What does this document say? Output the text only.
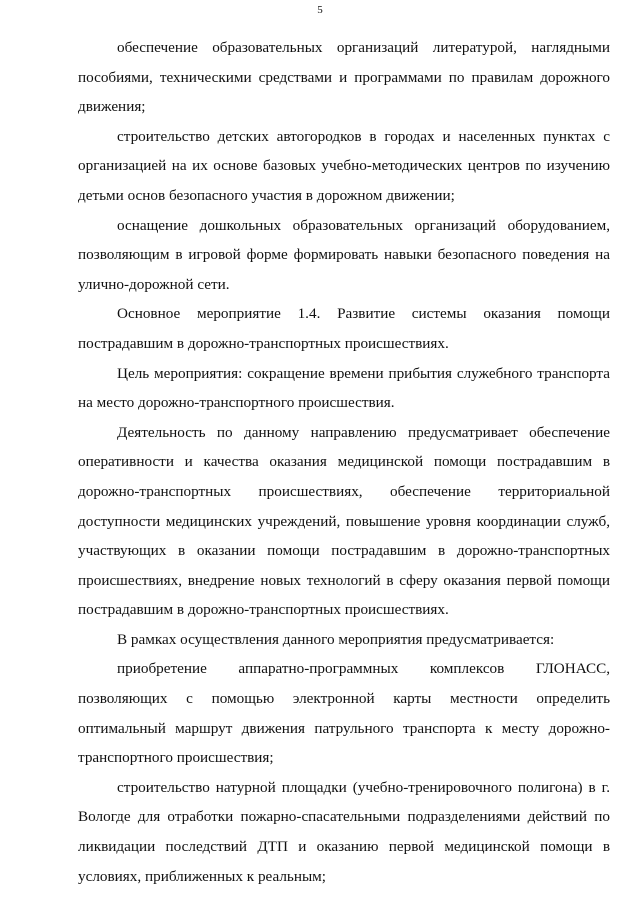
5

обеспечение образовательных организаций литературой, наглядными пособиями, техническими средствами и программами по правилам дорожного движения;

строительство детских автогородков в городах и населенных пунктах с организацией на их основе базовых учебно-методических центров по изучению детьми основ безопасного участия в дорожном движении;

оснащение дошкольных образовательных организаций оборудованием, позволяющим в игровой форме формировать навыки безопасного поведения на улично-дорожной сети.

Основное мероприятие 1.4. Развитие системы оказания помощи пострадавшим в дорожно-транспортных происшествиях.

Цель мероприятия: сокращение времени прибытия служебного транспорта на место дорожно-транспортного происшествия.

Деятельность по данному направлению предусматривает обеспечение оперативности и качества оказания медицинской помощи пострадавшим в дорожно-транспортных происшествиях, обеспечение территориальной доступности медицинских учреждений, повышение уровня координации служб, участвующих в оказании помощи пострадавшим в дорожно-транспортных происшествиях, внедрение новых технологий в сферу оказания первой помощи пострадавшим в дорожно-транспортных происшествиях.

В рамках осуществления данного мероприятия предусматривается:

приобретение аппаратно-программных комплексов ГЛОНАСС, позволяющих с помощью электронной карты местности определить оптимальный маршрут движения патрульного транспорта к месту дорожно-транспортного происшествия;

строительство натурной площадки (учебно-тренировочного полигона) в г. Вологде для отработки пожарно-спасательными подразделениями действий по ликвидации последствий ДТП и оказанию первой медицинской помощи в условиях, приближенных к реальным;
